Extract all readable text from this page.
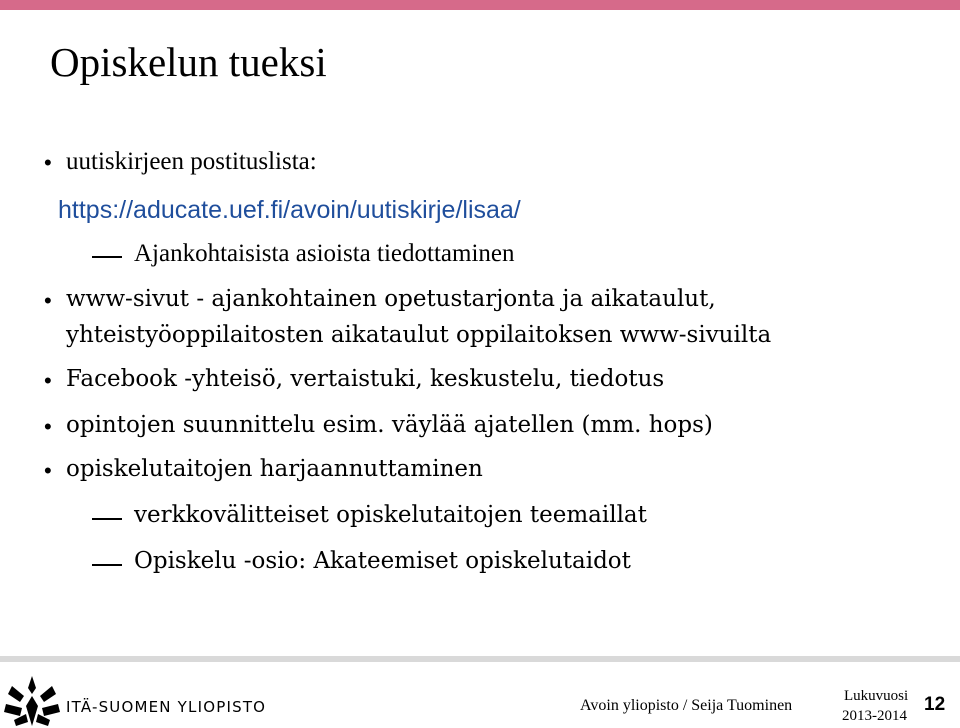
Opiskelun tueksi
• uutiskirjeen postituslista:
https://aducate.uef.fi/avoin/uutiskirje/lisaa/
Ajankohtaisista asioista tiedottaminen
• www-sivut - ajankohtainen opetustarjonta ja aikataulut,
yhteistyöoppilaitosten aikataulut oppilaitoksen www-sivuilta
• Facebook -yhteisö, vertaistuki, keskustelu, tiedotus
• opintojen suunnittelu esim. väylää ajatellen (mm. hops)
• opiskelutaitojen harjaannuttaminen
verkkovälitteiset opiskelutaitojen teemaillat
Opiskelu -osio: Akateemiset opiskelutaidot
ITÄ-SUOMEN YLIOPISTO	Avoin yliopisto / Seija Tuominen
Lukuvuosi
2013-2014
12
